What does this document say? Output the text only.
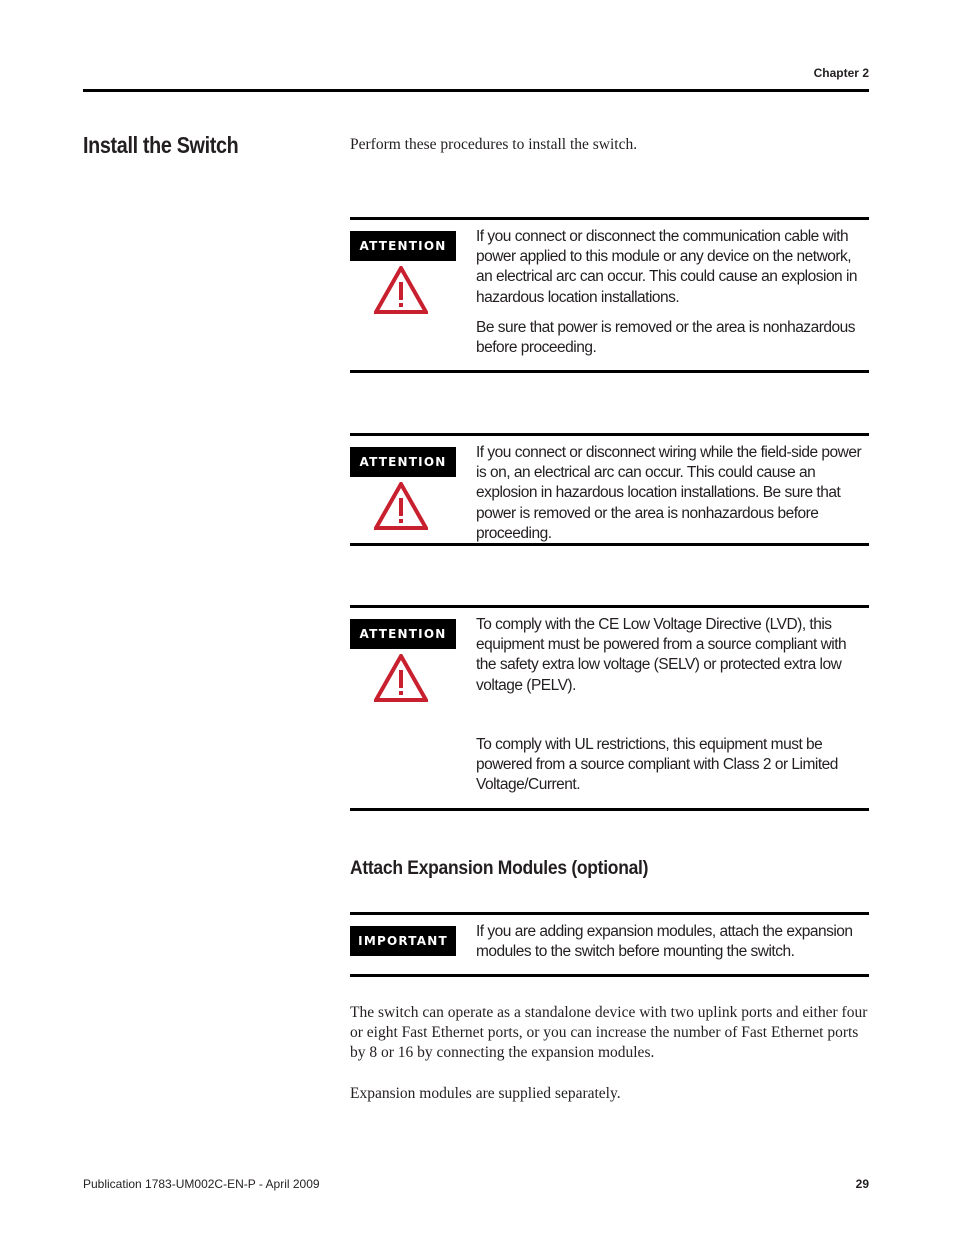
Chapter 2
Install the Switch	Perform these procedures to install the switch.
ATTENTION

If you connect or disconnect the communication cable with power applied to this module or any device on the network, an electrical arc can occur. This could cause an explosion in hazardous location installations.

Be sure that power is removed or the area is nonhazardous before proceeding.

ATTENTION

If you connect or disconnect wiring while the field-side power is on, an electrical arc can occur. This could cause an explosion in hazardous location installations. Be sure that power is removed or the area is nonhazardous before proceeding.

ATTENTION

To comply with the CE Low Voltage Directive (LVD), this equipment must be powered from a source compliant with the safety extra low voltage (SELV) or protected extra low voltage (PELV).

To comply with UL restrictions, this equipment must be powered from a source compliant with Class 2 or Limited Voltage/Current.

Attach Expansion Modules (optional)
IMPORTANT

If you are adding expansion modules, attach the expansion modules to the switch before mounting the switch.

The switch can operate as a standalone device with two uplink ports and either four or eight Fast Ethernet ports, or you can increase the number of Fast Ethernet ports by 8 or 16 by connecting the expansion modules.
Expansion modules are supplied separately.
Publication 1783-UM002C-EN-P - April 2009	29
